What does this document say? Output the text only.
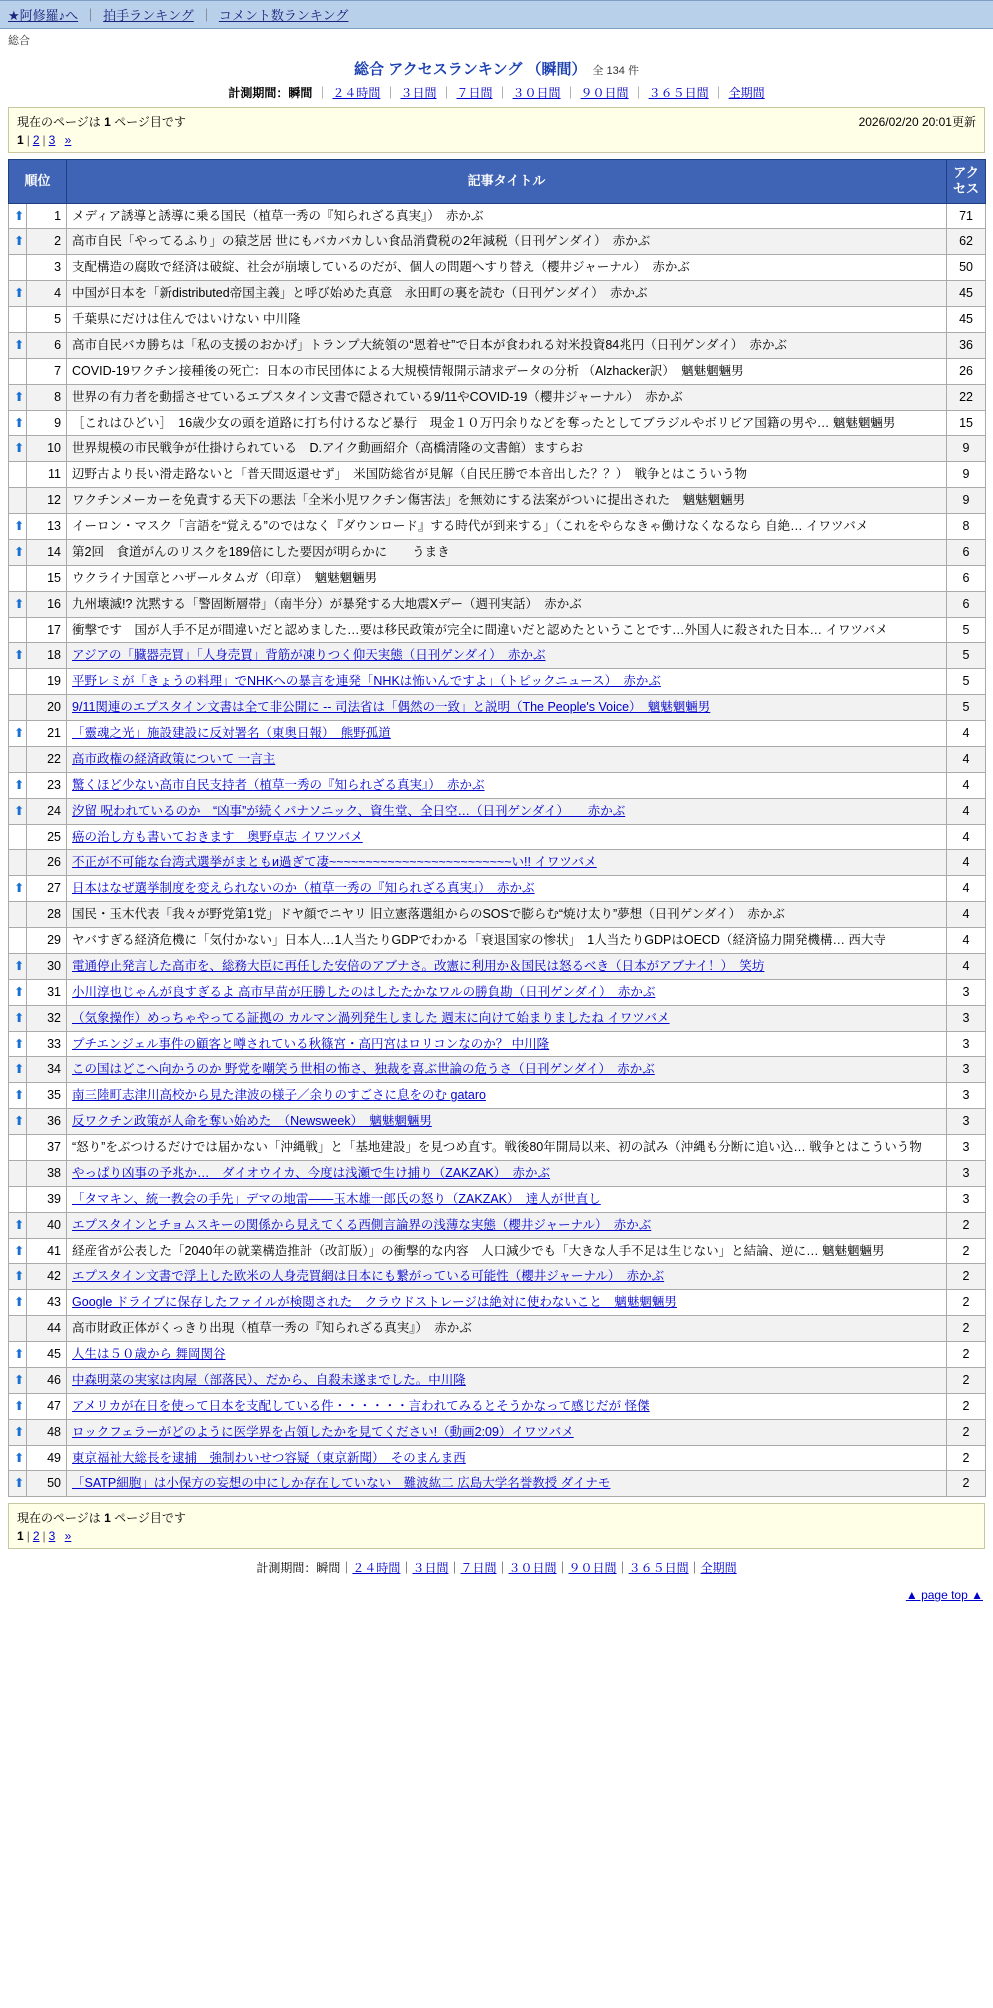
★阿修羅♪へ ｜ 拍手ランキング ｜ コメント数ランキング
総合
総合 アクセスランキング （瞬間） 全 134 件
計測期間：瞬間 ｜ ２４時間 ｜ ３日間 ｜ ７日間 ｜ ３０日間 ｜ ９０日間 ｜ ３６５日間 ｜ 全期間
現在のページは 1 ページ目です	2026/02/20 20:01更新
1 | 2 | 3 »
順位		記事タイトル	アクセス
⬆	1	メディア誘導と誘導に乗る国民（植草一秀の『知られざる真実』）　赤かぶ	71
⬆	2	高市自民「やってるふり」の猿芝居 世にもバカバカしい食品消費税の2年減税（日刊ゲンダイ）　赤かぶ	62
	3	支配構造の腐敗で経済は破綻、社会が崩壊しているのだが、個人の問題へすり替え（櫻井ジャーナル）　赤かぶ	50
⬆	4	中国が日本を「新distributed帝国主義」と呼び始めた真意　永田町の裏を読む（日刊ゲンダイ）　赤かぶ	45
	5	千葉県にだけは住んではいけない 中川隆	45
⬆	6	高市自民バカ勝ちは「私の支援のおかげ」トランプ大統領の“恩着せ”で日本が食われる対米投資84兆円（日刊ゲンダイ）　赤かぶ	36
	7	COVID-19ワクチン接種後の死亡：日本の市民団体による大規模情報開示請求データの分析 （Alzhacker訳）　魑魅魍魎男	26
⬆	8	世界の有力者を動揺させているエプスタイン文書で隠されている9/11やCOVID-19（櫻井ジャーナル）　赤かぶ	22
⬆	9	［これはひどい］　16歳少女の頭を道路に打ち付けるなど暴行　現金１０万円余りなどを奪ったとしてブラジルやボリビア国籍の男や… 魑魅魍魎男	15
⬆	10	世界規模の市民戦争が仕掛けられている　D.アイク動画紹介（高橋清隆の文書館）ますらお	9
	11	辺野古より長い滑走路ないと「普天間返還せず」　米国防総省が見解（自民圧勝で本音出した？？）　戦争とはこういう物	9
	12	ワクチンメーカーを免責する天下の悪法「全米小児ワクチン傷害法」を無効にする法案がついに提出された　魑魅魍魎男	9
⬆	13	イーロン・マスク「言語を“覚える”のではなく『ダウンロード』する時代が到来する」（これをやらなきゃ働けなくなるなら 自絶… イワツバメ	8
⬆	14	第2回　食道がんのリスクを189倍にした要因が明らかに　　うまき	6
	15	ウクライナ国章とハザールタムガ（印章）　魑魅魍魎男	6
⬆	16	九州壊滅!? 沈黙する「警固断層帯」（南半分）が暴発する大地震Xデー（週刊実話）　赤かぶ	6
	17	衝撃です　国が人手不足が間違いだと認めました…要は移民政策が完全に間違いだと認めたということです…外国人に殺された日本… イワツバメ	5
⬆	18	アジアの「臓器売買」「人身売買」背筋が凍りつく仰天実態（日刊ゲンダイ）　赤かぶ	5
	19	平野レミが「きょうの料理」でNHKへの暴言を連発「NHKは怖いんですよ」（トピックニュース）　赤かぶ	5
	20	9/11関連のエプスタイン文書は全て非公開に -- 司法省は「偶然の一致」と説明（The People's Voice）　魑魅魍魎男	5
⬆	21	「靈魂之光」施設建設に反対署名（東奥日報）　熊野孤道	4
	22	高市政権の経済政策について 一言主	4
⬆	23	驚くほど少ない高市自民支持者（植草一秀の『知られざる真実』）　赤かぶ	4
⬆	24	汐留 呪われているのか　“凶事”が続くパナソニック、資生堂、全日空…（日刊ゲンダイ）　　赤かぶ	4
	25	癌の治し方も書いておきます　奥野卓志 イワツバメ	4
	26	不正が不可能な台湾式選挙がまともи過ぎて凄~~~~~~~~~~~~~~~~~~~~~~~~~い!! イワツバメ	4
⬆	27	日本はなぜ選挙制度を変えられないのか（植草一秀の『知られざる真実』）　赤かぶ	4
	28	国民・玉木代表「我々が野党第1党」ドヤ顔でニヤリ 旧立憲落選組からのSOSで膨らむ“焼け太り”夢想（日刊ゲンダイ）　赤かぶ	4
	29	ヤバすぎる経済危機に「気付かない」日本人…1人当たりGDPでわかる「衰退国家の惨状」　1人当たりGDPはOECD（経済協力開発機構… 西大寺	4
⬆	30	電通停止発言した高市を、総務大臣に再任した安倍のアブナさ。改憲に利用か＆国民は怒るべき（日本がアブナイ！）　笑坊	4
⬆	31	小川淳也じゃんが良すぎるよ 高市早苗が圧勝したのはしたたかなワルの勝負勘（日刊ゲンダイ）　赤かぶ	3
⬆	32	（気象操作）めっちゃやってる証拠の カルマン渦列発生しました 週末に向けて始まりましたね イワツバメ	3
⬆	33	プチエンジェル事件の顧客と噂されている秋篠宮・高円宮はロリコンなのか？ 中川隆	3
⬆	34	この国はどこへ向かうのか 野党を嘲笑う世相の怖さ、独裁を喜ぶ世論の危うさ（日刊ゲンダイ）　赤かぶ	3
⬆	35	南三陸町志津川高校から見た津波の様子／余りのすごさに息をのむ gataro	3
⬆	36	反ワクチン政策が人命を奪い始めた　（Newsweek）　魑魅魍魎男	3
	37	“怒り”をぶつけるだけでは届かない「沖縄戦」と「基地建設」を見つめ直す。戦後80年開局以来、初の試み（沖縄も分断に追い込… 戦争とはこういう物	3
	38	やっぱり凶事の予兆か…　ダイオウイカ、今度は浅瀬で生け捕り（ZAKZAK）　赤かぶ	3
	39	「タマキン、統一教会の手先」デマの地雷――玉木雄一郎氏の怒り（ZAKZAK）　達人が世直し	3
⬆	40	エプスタインとチョムスキーの関係から見えてくる西側言論界の浅薄な実態（櫻井ジャーナル）　赤かぶ	2
⬆	41	経産省が公表した「2040年の就業構造推計（改訂版）」の衝撃的な内容　人口減少でも「大きな人手不足は生じない」と結論、逆に… 魑魅魍魎男	2
⬆	42	エプスタイン文書で浮上した欧米の人身売買網は日本にも繋がっている可能性（櫻井ジャーナル）　赤かぶ	2
⬆	43	Google ドライブに保存したファイルが検閲された　クラウドストレージは絶対に使わないこと　魑魅魍魎男	2
	44	高市財政正体がくっきり出現（植草一秀の『知られざる真実』）　赤かぶ	2
⬆	45	人生は５０歳から 舞岡関谷	2
⬆	46	中森明菜の実家は肉屋（部落民）、だから、自殺未遂までした。中川隆	2
⬆	47	アメリカが在日を使って日本を支配している件・・・・・・言われてみるとそうかなって感じだが 怪傑	2
⬆	48	ロックフェラーがどのように医学界を占領したかを見てください!（動画2:09）イワツバメ	2
⬆	49	東京福祉大総長を逮捕　強制わいせつ容疑（東京新聞）　そのまんま西	2
⬆	50	「SATP細胞」は小保方の妄想の中にしか存在していない　難波紘二 広島大学名誉教授 ダイナモ	2
現在のページは 1 ページ目です
1 | 2 | 3 »
計測期間：瞬間｜２４時間｜３日間｜７日間｜３０日間｜９０日間｜３６５日間｜全期間
▲ page top ▲
